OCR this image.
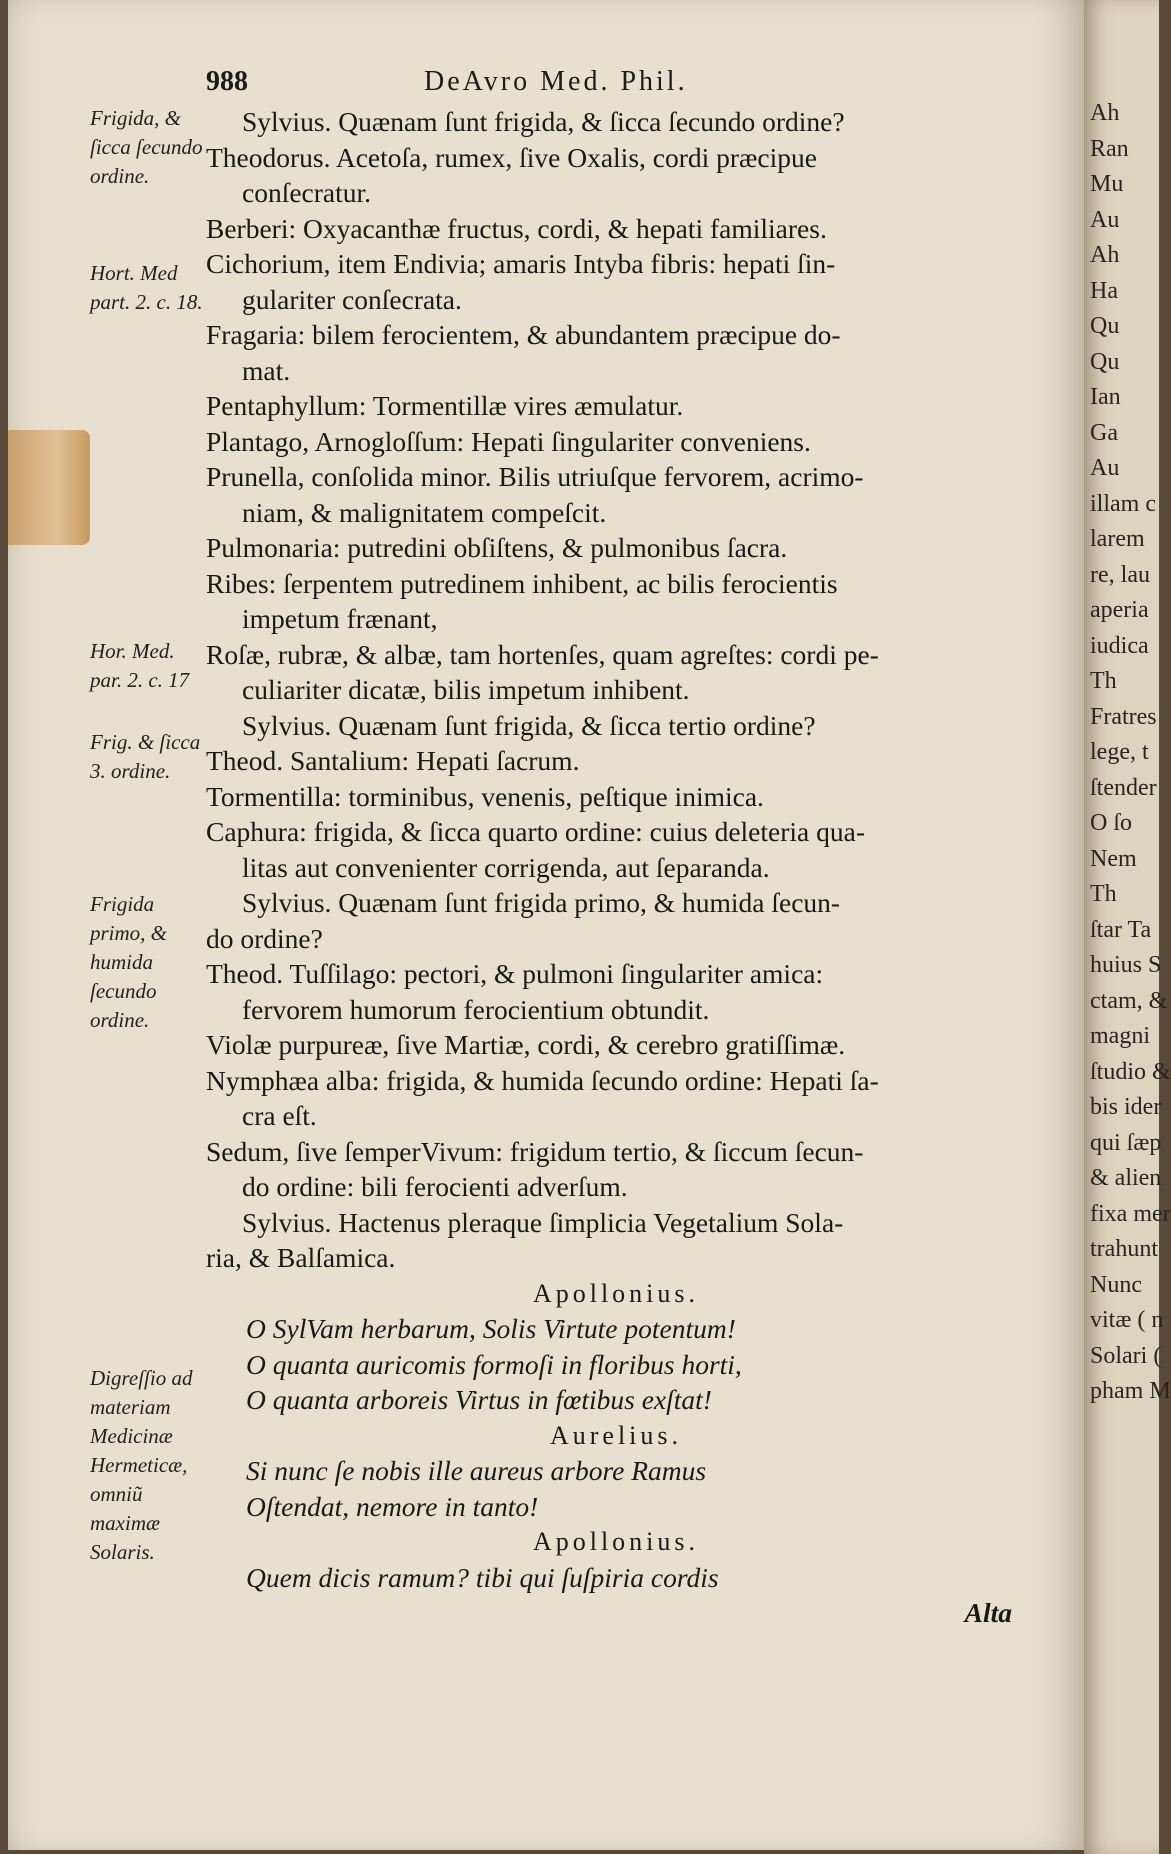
988	DeAvro Med. Phil.
Frigida, & ſicca ſecundo ordine.
Hort. Med part. 2. c. 18.
Hor. Med. par. 2. c. 17
Frig. & ſicca 3. ordine.
Frigida primo, & humida ſecundo ordine.
Digreſſio ad materiam Medicinæ Hermeticæ, omniũ maximæ Solaris.
Sylvius. Quænam ſunt frigida, & ſicca ſecundo ordine?
Theodorus. Acetoſa, rumex, ſive Oxalis, cordi præcipue
conſecratur.
Berberi: Oxyacanthæ fructus, cordi, & hepati familiares.
Cichorium, item Endivia; amaris Intyba fibris: hepati ſin-
gulariter conſecrata.
Fragaria: bilem ferocientem, & abundantem præcipue do-
mat.
Pentaphyllum: Tormentillæ vires æmulatur.
Plantago, Arnogloſſum: Hepati ſingulariter conveniens.
Prunella, conſolida minor. Bilis utriuſque fervorem, acrimo-
niam, & malignitatem compeſcit.
Pulmonaria: putredini obſiſtens, & pulmonibus ſacra.
Ribes: ſerpentem putredinem inhibent, ac bilis ferocientis
impetum frænant,
Roſæ, rubræ, & albæ, tam hortenſes, quam agreſtes: cordi pe-
culiariter dicatæ, bilis impetum inhibent.
Sylvius. Quænam ſunt frigida, & ſicca tertio ordine?
Theod. Santalium: Hepati ſacrum.
Tormentilla: torminibus, venenis, peſtique inimica.
Caphura: frigida, & ſicca quarto ordine: cuius deleteria qua-
litas aut convenienter corrigenda, aut ſeparanda.
Sylvius. Quænam ſunt frigida primo, & humida ſecun-
do ordine?
Theod. Tuſſilago: pectori, & pulmoni ſingulariter amica:
fervorem humorum ferocientium obtundit.
Violæ purpureæ, ſive Martiæ, cordi, & cerebro gratiſſimæ.
Nymphæa alba: frigida, & humida ſecundo ordine: Hepati ſa-
cra eſt.
Sedum, ſive ſemperVivum: frigidum tertio, & ſiccum ſecun-
do ordine: bili ferocienti adverſum.
Sylvius. Hactenus pleraque ſimplicia Vegetalium Sola-
ria, & Balſamica.
Apollonius.
O SylVam herbarum, Solis Virtute potentum!
O quanta auricomis formoſi in floribus horti,
O quanta arboreis Virtus in fœtibus exſtat!
Aurelius.
Si nunc ſe nobis ille aureus arbore Ramus
Oſtendat, nemore in tanto!
Apollonius.
Quem dicis ramum? tibi qui ſuſpiria cordis
Alta
Ah
Ran
Mu
Au
Ah
Ha
Qu
Qu
Ian
Ga
Au
illam c
larem
re, lau
aperia
iudica
Th
Fratres
lege, t
ſtender
O ſo
Nem
Th
ſtar Ta
huius S
ctam, &
magni
ſtudio &
bis ider
qui ſæp
& alien
fixa mer
trahunt
Nunc
vitæ ( n
Solari (
pham M
